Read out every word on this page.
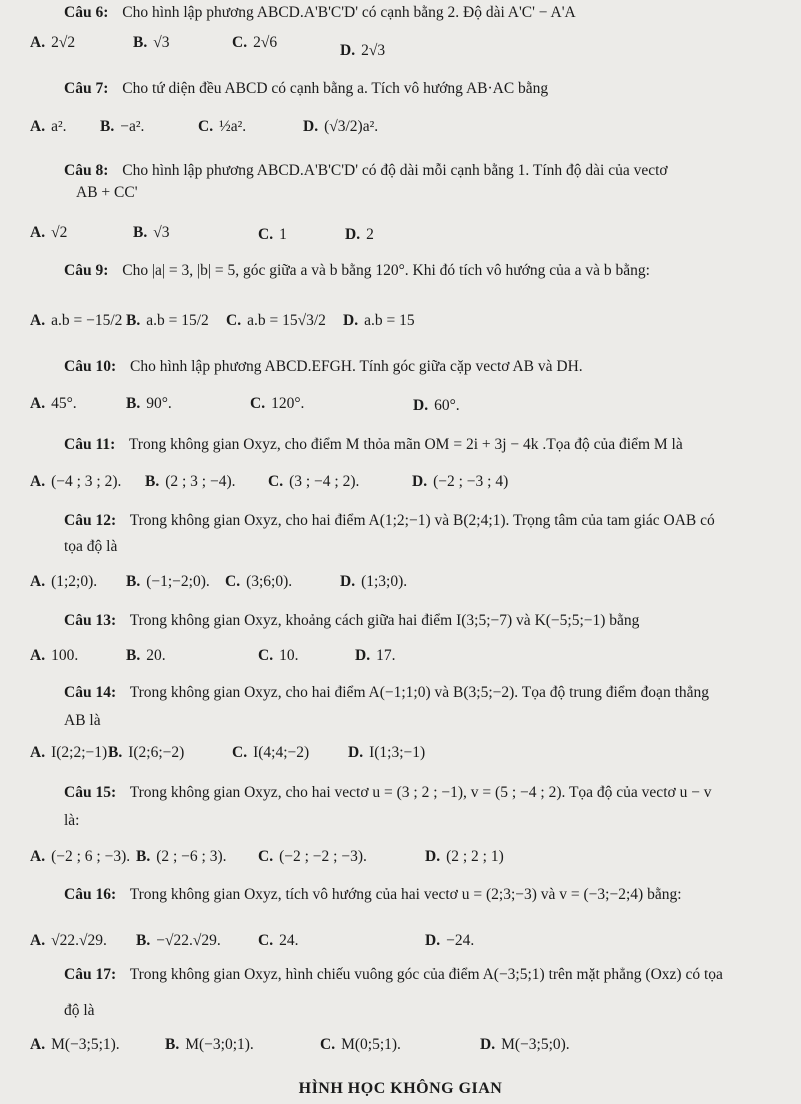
Câu 6: Cho hình lập phương ABCD.A'B'C'D' có cạnh bằng 2. Độ dài A'C' − A'A
A. 2√2	B. √3	C. 2√6	D. 2√3
Câu 7: Cho tứ diện đều ABCD có cạnh bằng a. Tích vô hướng AB·AC bằng
A. a². B. −a².	C. ½a².	D. (√3/2)a².
Câu 8: Cho hình lập phương ABCD.A'B'C'D' có độ dài mỗi cạnh bằng 1. Tính độ dài của vectơ
AB + CC'
A. √2	B. √3	C. 1	D. 2
Câu 9: Cho |a| = 3, |b| = 5, góc giữa a và b bằng 120°. Khi đó tích vô hướng của a và b bằng:
A. a.b = −15/2 B. a.b = 15/2 C. a.b = 15√3/2 D. a.b = 15
Câu 10: Cho hình lập phương ABCD.EFGH. Tính góc giữa cặp vectơ AB và DH.
A. 45°.	B. 90°.	C. 120°.	D. 60°.
Câu 11: Trong không gian Oxyz, cho điểm M thỏa mãn OM = 2i + 3j − 4k .Tọa độ của điểm M là
A. (−4 ; 3 ; 2). B. (2 ; 3 ; −4). C. (3 ; −4 ; 2).	D. (−2 ; −3 ; 4)
Câu 12: Trong không gian Oxyz, cho hai điểm A(1;2;−1) và B(2;4;1). Trọng tâm của tam giác OAB có
tọa độ là
A. (1;2;0). B. (−1;−2;0). C. (3;6;0).	D. (1;3;0).
Câu 13: Trong không gian Oxyz, khoảng cách giữa hai điểm I(3;5;−7) và K(−5;5;−1) bằng
A. 100.	B. 20.	C. 10.	D. 17.
Câu 14: Trong không gian Oxyz, cho hai điểm A(−1;1;0) và B(3;5;−2). Tọa độ trung điểm đoạn thẳng
AB là
A. I(2;2;−1) B. I(2;6;−2)	C. I(4;4;−2)	D. I(1;3;−1)
Câu 15: Trong không gian Oxyz, cho hai vectơ u = (3 ; 2 ; −1), v = (5 ; −4 ; 2). Tọa độ của vectơ u − v
là:
A. (−2 ; 6 ; −3). B. (2 ; −6 ; 3). C. (−2 ; −2 ; −3).	D. (2 ; 2 ; 1)
Câu 16: Trong không gian Oxyz, tích vô hướng của hai vectơ u = (2;3;−3) và v = (−3;−2;4) bằng:
A. √22.√29. B. −√22.√29. C. 24.	D. −24.
Câu 17: Trong không gian Oxyz, hình chiếu vuông góc của điểm A(−3;5;1) trên mặt phẳng (Oxz) có tọa
độ là
A. M(−3;5;1).	B. M(−3;0;1).	C. M(0;5;1).	D. M(−3;5;0).
HÌNH HỌC KHÔNG GIAN
